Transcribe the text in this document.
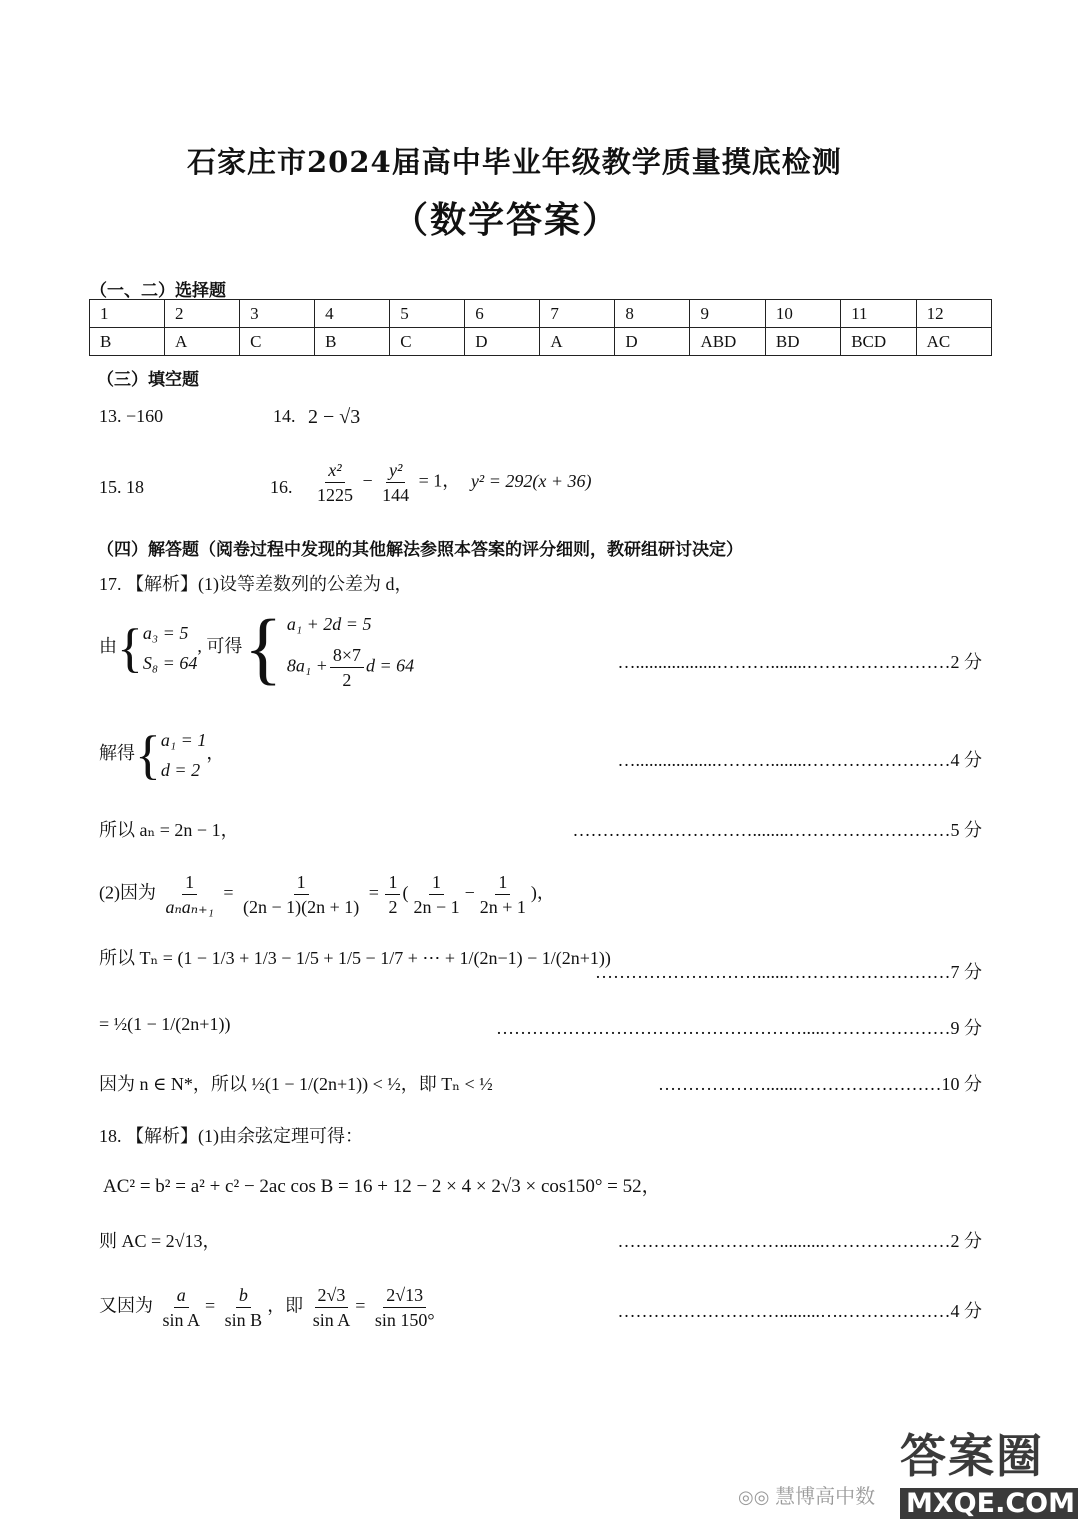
石家庄市2024届高中毕业年级教学质量摸底检测
（数学答案）
（一、二）选择题
1	2	3	4	5	6	7	8	9	10	11	12
B	A	C	B	C	D	A	D	ABD	BD	BCD	AC
（三）填空题
13. −160	14. 2 − √3
15. 18	16. $\frac{\text{x²}}{1225} - \frac{\text{y²}}{144} = 1$， y² = 292(x + 36)
（四）解答题（阅卷过程中发现的其他解法参照本答案的评分细则，教研组研讨决定）
17. 【解析】(1)设等差数列的公差为 d，
由{ a₃ = 5
S₈ = 64
, 可得 { a₁ + 2d = 5
$8a_1 + \frac{8\times 7}{2}$ d = 64	…..................………........……………………2 分
解得{ a₁ = 1
d = 2
，	…..................………........……………………4 分
所以 aₙ = 2n − 1，	…………………………........………………………5 分
(2)因为 $\frac{1}{\text{aₙaₙ₊₁}} = \frac{1}{(2n - 1)(2n + 1)} = \frac{1}{2}$ ( $\frac{1}{2n - 1} - \frac{1}{2n + 1}$ )，
所以 Tₙ = (1 − 1/3 + 1/3 − 1/5 + 1/5 − 1/7 + ⋯ + 1/(2n−1) − 1/(2n+1))
……………………….......………………………7 分
= ½(1 − 1/(2n+1))	…………………………………………….....…………………9 分
因为 n ∈ N*，所以 ½(1 − 1/(2n+1)) < ½，即 Tₙ < ½	……………….......……………………10 分
18. 【解析】(1)由余弦定理可得：
AC² = b² = a² + c² − 2ac cos B = 16 + 12 − 2 × 4 × 2√3 × cos150° = 52，
则 AC = 2√13，	………………………..........…………………2 分
又因为 $\frac{a}{\text{sin A}} = \frac{b}{\text{sin B}}$ ，即 $\frac{2√3}{\text{sin A}} = \frac{2√13}{\sin 150^\circ}$	……………………….........….………………4 分
◎◎ 慧博高中数
答案圈
MXQE.COM
